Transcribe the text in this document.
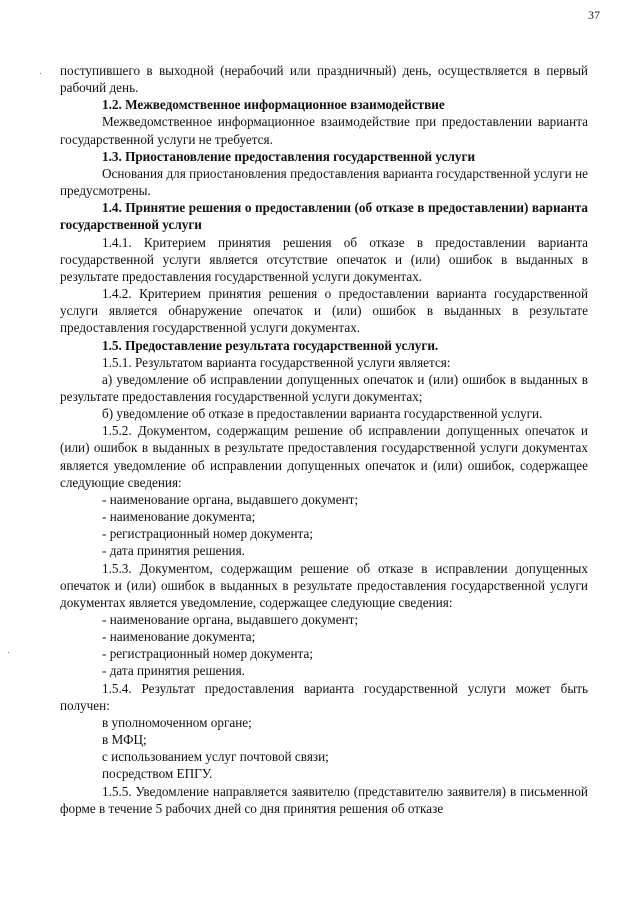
37
.
.

поступившего в выходной (нерабочий или праздничный) день, осуществляется в первый рабочий день.

1.2. Межведомственное информационное взаимодействие

Межведомственное информационное взаимодействие при предоставлении варианта государственной услуги не требуется.

1.3. Приостановление предоставления государственной услуги

Основания для приостановления предоставления варианта государственной услуги не предусмотрены.

1.4. Принятие решения о предоставлении (об отказе в предоставлении) варианта государственной услуги

1.4.1. Критерием принятия решения об отказе в предоставлении варианта государственной услуги является отсутствие опечаток и (или) ошибок в выданных в результате предоставления государственной услуги документах.

1.4.2. Критерием принятия решения о предоставлении варианта государственной услуги является обнаружение опечаток и (или) ошибок в выданных в результате предоставления государственной услуги документах.

1.5. Предоставление результата государственной услуги.

1.5.1. Результатом варианта государственной услуги является:

а) уведомление об исправлении допущенных опечаток и (или) ошибок в выданных в результате предоставления государственной услуги документах;

б) уведомление об отказе в предоставлении варианта государственной услуги.

1.5.2. Документом, содержащим решение об исправлении допущенных опечаток и (или) ошибок в выданных в результате предоставления государственной услуги документах является уведомление об исправлении допущенных опечаток и (или) ошибок, содержащее следующие сведения:

- наименование органа, выдавшего документ;

- наименование документа;

- регистрационный номер документа;

- дата принятия решения.

1.5.3. Документом, содержащим решение об отказе в исправлении допущенных опечаток и (или) ошибок в выданных в результате предоставления государственной услуги документах является уведомление, содержащее следующие сведения:

- наименование органа, выдавшего документ;

- наименование документа;

- регистрационный номер документа;

- дата принятия решения.

1.5.4. Результат предоставления варианта государственной услуги может быть получен:

в уполномоченном органе;

в МФЦ;

с использованием услуг почтовой связи;

посредством ЕПГУ.

1.5.5. Уведомление направляется заявителю (представителю заявителя) в письменной форме в течение 5 рабочих дней со дня принятия решения об отказе
